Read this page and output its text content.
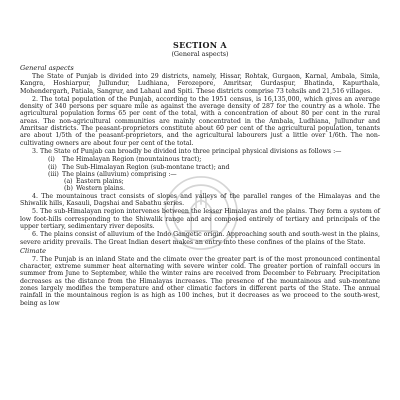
SECTION A
(General aspects)
General aspects

The State of Punjab is divided into 29 districts, namely, Hissar, Rohtak, Gurgaon, Karnal, Ambala, Simla, Kangra, Hoshiarpur, Jullundur, Ludhiana, Ferozepore, Amritsar, Gurdaspur, Bhatinda, Kapurthala, Mohendergarh, Patiala, Sangrur, and Lahaul and Spiti. These districts comprise 73 tehsils and 21,516 villages.

2. The total population of the Punjab, according to the 1951 census, is 16,135,000, which gives an average density of 340 persons per square mile as against the average density of 287 for the country as a whole. The agricultural population forms 65 per cent of the total, with a concentration of about 80 per cent in the rural areas. The non-agricultural communities are mainly concentrated in the Ambala, Ludhiana, Jullundur and Amritsar districts. The peasant-proprietors constitute about 60 per cent of the agricultural population, tenants are about 1/5th of the peasant-proprietors, and the agricultural labourers just a little over 1/6th. The non-cultivating owners are about four per cent of the total.

3. The State of Punjab can broadly be divided into three principal physical divisions as follows :—

(i) The Himalayan Region (mountainous tract);
(ii) The Sub-Himalayan Region (sub-montane tract); and
(iii) The plains (alluvium) comprising :—
(a) Eastern plains;
(b) Western plains.

4. The mountainous tract consists of slopes and valleys of the parallel ranges of the Himalayas and the Shiwalik hills, Kasauli, Dagshai and Sabathu series.

5. The sub-Himalayan region intervenes between the lesser Himalayas and the plains. They form a system of low foot-hills corresponding to the Shiwalik range and are composed entirely of tertiary and principals of the upper tertiary, sedimentary river deposits.

6. The plains consist of alluvium of the Indo Gangetic origin. Approaching south and south-west in the plains, severe aridity prevails. The Great Indian desert makes an entry into these confines of the plains of the State.

Climate

7. The Punjab is an inland State and the climate over the greater part is of the most pronounced continental character, extreme summer heat alternating with severe winter cold. The greater portion of rainfall occurs in summer from June to September, while the winter rains are received from December to February. Precipitation decreases as the distance from the Himalayas increases. The presence of the mountainous and sub-montane zones largely modifies the temperature and other climatic factors in different parts of the State. The annual rainfall in the mountainous region is as high as 100 inches, but it decreases as we proceed to the south-west, being as low
